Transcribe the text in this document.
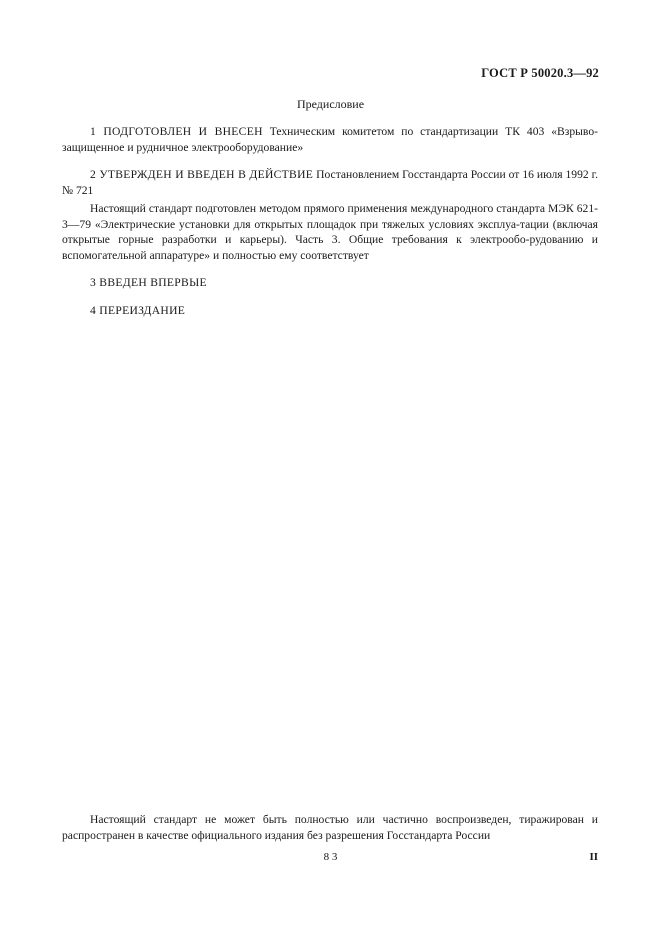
ГОСТ Р 50020.3—92
Предисловие

1 ПОДГОТОВЛЕН И ВНЕСЕН Техническим комитетом по стандартизации ТК 403 «Взрыво-защищенное и рудничное электрооборудование»

2 УТВЕРЖДЕН И ВВЕДЕН В ДЕЙСТВИЕ Постановлением Госстандарта России от 16 июля 1992 г. № 721

Настоящий стандарт подготовлен методом прямого применения международного стандарта МЭК 621-3—79 «Электрические установки для открытых площадок при тяжелых условиях эксплуа-тации (включая открытые горные разработки и карьеры). Часть 3. Общие требования к электрообо-рудованию и вспомогательной аппаратуре» и полностью ему соответствует

3 ВВЕДЕН ВПЕРВЫЕ

4 ПЕРЕИЗДАНИЕ

Настоящий стандарт не может быть полностью или частично воспроизведен, тиражирован и распространен в качестве официального издания без разрешения Госстандарта России

8 3	II
